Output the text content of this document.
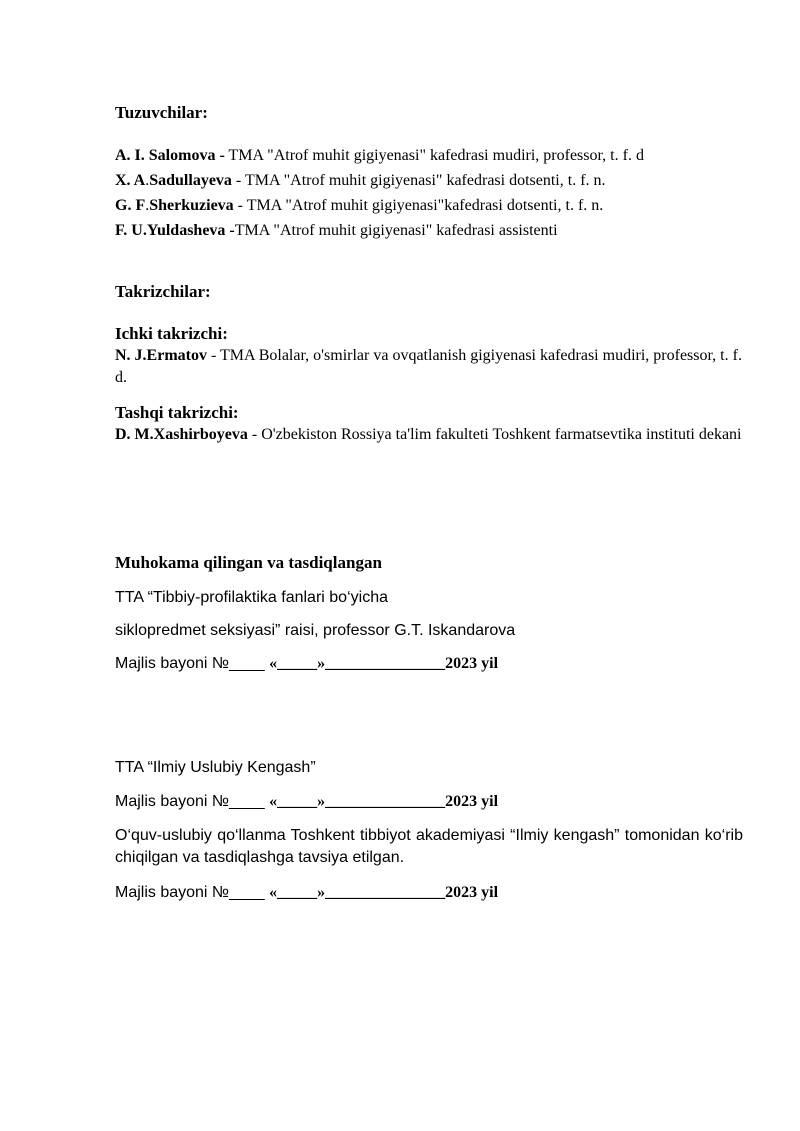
Tuzuvchilar:
A. I. Salomova - TMA "Atrof muhit gigiyenasi" kafedrasi mudiri, professor, t. f. d
X. A.Sadullayeva - TMA "Atrof muhit gigiyenasi" kafedrasi dotsenti, t. f. n.
G. F.Sherkuzieva - TMA "Atrof muhit gigiyenasi"kafedrasi dotsenti, t. f. n.
F. U.Yuldasheva -TMA "Atrof muhit gigiyenasi" kafedrasi assistenti
Takrizchilar:
Ichki takrizchi:
N. J.Ermatov - TMA Bolalar, o'smirlar va ovqatlanish gigiyenasi kafedrasi mudiri, professor, t. f. d.
Tashqi takrizchi:
D. M.Xashirboyeva - O'zbekiston Rossiya ta'lim fakulteti Toshkent farmatsevtika instituti dekani
Muhokama qilingan va tasdiqlangan
TTA “Tibbiy-profilaktika fanlari bo‘yicha
siklopredmet seksiyasi” raisi, professor G.T. Iskandarova
Majlis bayoni №____ «_____»_______________2023 yil
TTA “Ilmiy Uslubiy Kengash”
Majlis bayoni №____ «_____»_______________2023 yil
O‘quv-uslubiy qo‘llanma Toshkent tibbiyot akademiyasi “Ilmiy kengash” tomonidan ko‘rib chiqilgan va tasdiqlashga tavsiya etilgan.
Majlis bayoni №____ «_____»_______________2023 yil
